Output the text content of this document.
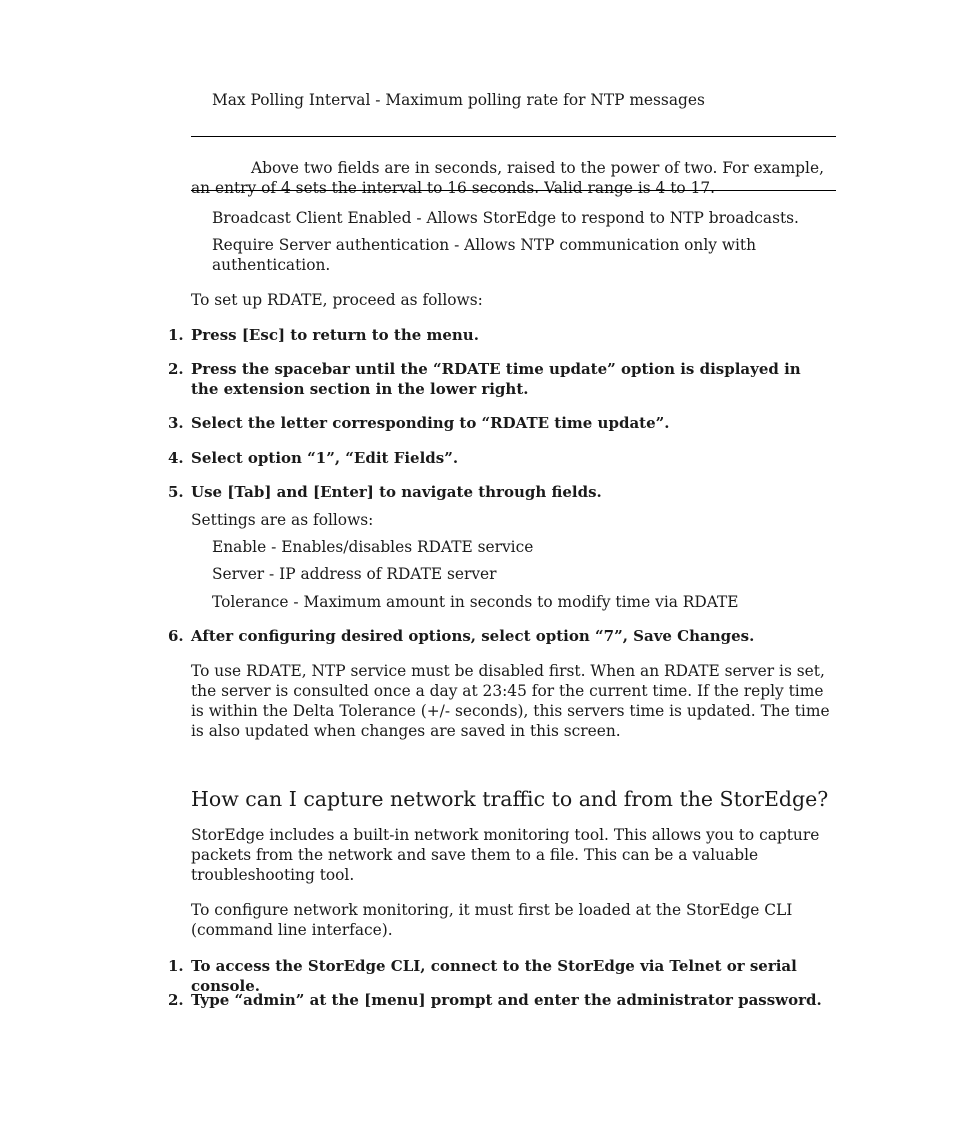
Max Polling Interval - Maximum polling rate for NTP messages

Above two fields are in seconds, raised to the power of two. For example, an entry of 4 sets the interval to 16 seconds. Valid range is 4 to 17.

Broadcast Client Enabled - Allows StorEdge to respond to NTP broadcasts.

Require Server authentication - Allows NTP communication only with authentication.

To set up RDATE, proceed as follows:

1. Press [Esc] to return to the menu.
2. Press the spacebar until the “RDATE time update” option is displayed in the extension section in the lower right.
3. Select the letter corresponding to “RDATE time update”.
4. Select option “1”, “Edit Fields”.
5. Use [Tab] and [Enter] to navigate through fields.

Settings are as follows:

Enable - Enables/disables RDATE service

Server - IP address of RDATE server

Tolerance - Maximum amount in seconds to modify time via RDATE

6. After configuring desired options, select option “7”, Save Changes.

To use RDATE, NTP service must be disabled first. When an RDATE server is set, the server is consulted once a day at 23:45 for the current time. If the reply time is within the Delta Tolerance (+/- seconds), this servers time is updated. The time is also updated when changes are saved in this screen.

How can I capture network traffic to and from the StorEdge?

StorEdge includes a built-in network monitoring tool. This allows you to capture packets from the network and save them to a file. This can be a valuable troubleshooting tool.

To configure network monitoring, it must first be loaded at the StorEdge CLI (command line interface).

1. To access the StorEdge CLI, connect to the StorEdge via Telnet or serial console.
2. Type “admin” at the [menu] prompt and enter the administrator password.
